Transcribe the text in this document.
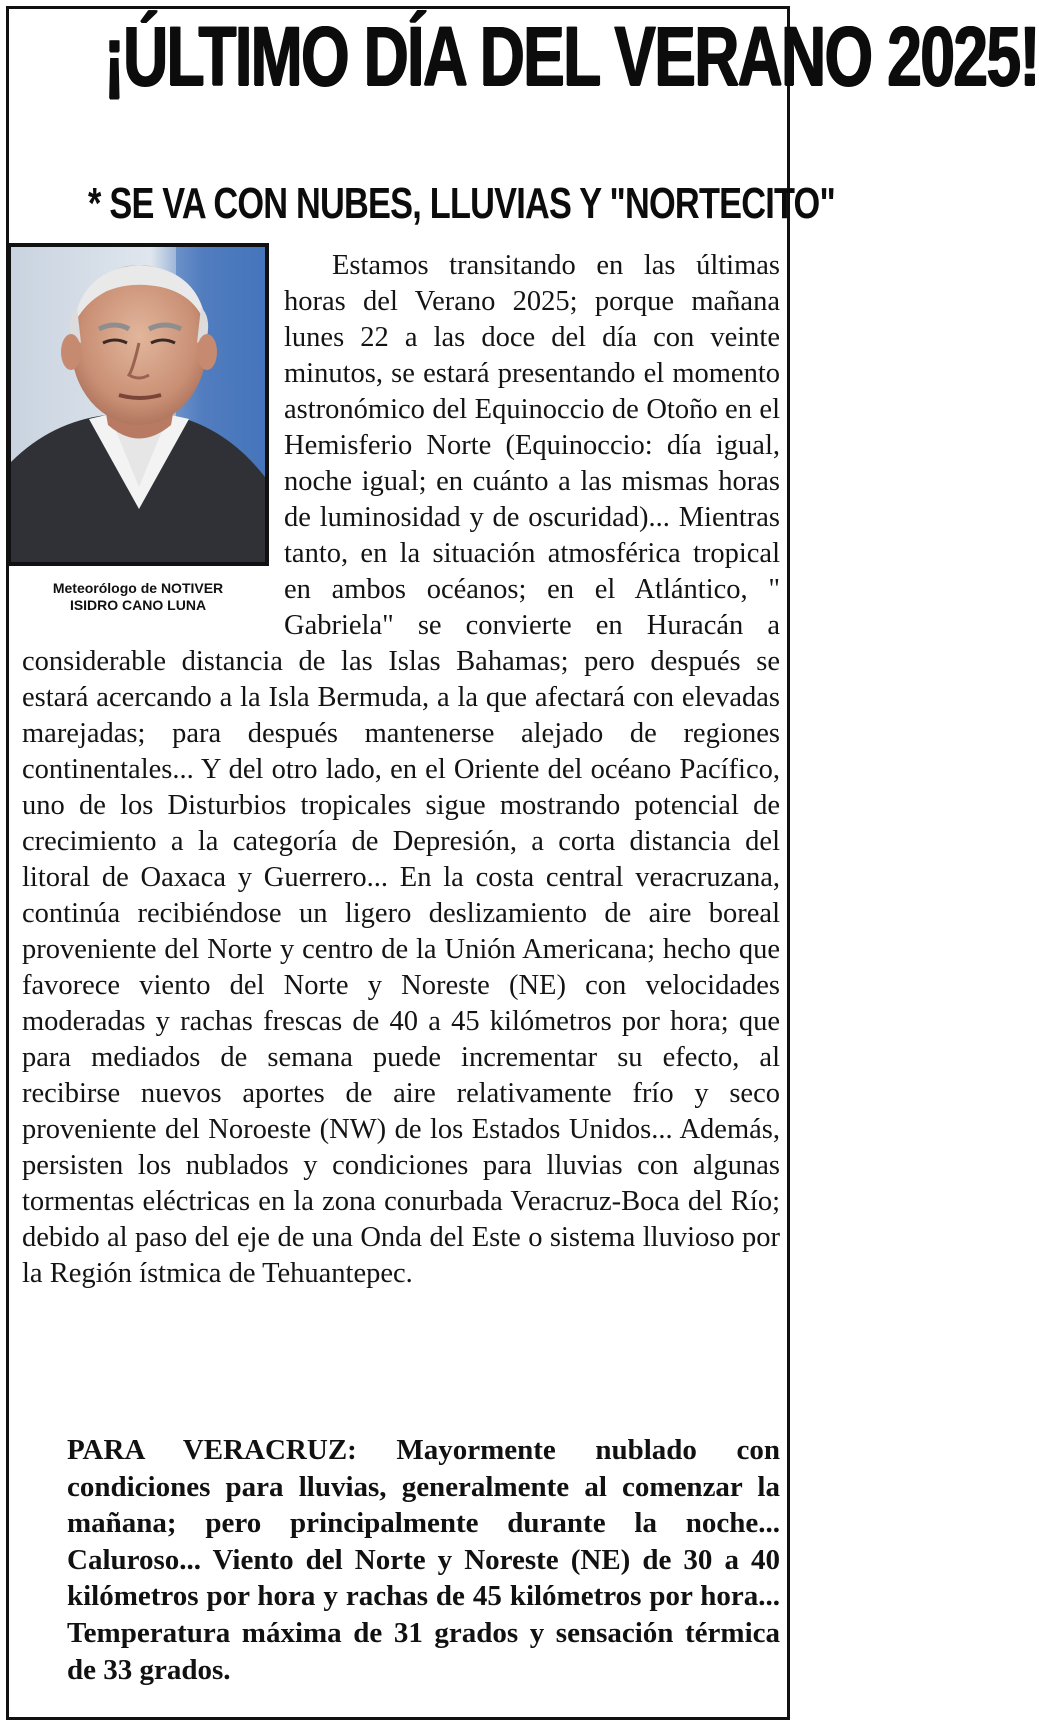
¡ÚLTIMO DÍA DEL VERANO 2025!
* SE VA CON NUBES, LLUVIAS Y "NORTECITO"
Meteorólogo de NOTIVER
ISIDRO CANO LUNA

Estamos transitando en las últimas horas del Verano 2025; porque mañana lunes 22 a las doce del día con veinte minutos, se estará presentando el momento astronómico del Equinoccio de Otoño en el Hemisferio Norte (Equinoccio: día igual, noche igual; en cuánto a las mismas horas de luminosidad y de oscuridad)... Mientras tanto, en la situación atmosférica tropical en ambos océanos; en el Atlántico, " Gabriela" se convierte en Huracán a considerable distancia de las Islas Bahamas; pero después se estará acercando a la Isla Bermuda, a la que afectará con elevadas marejadas; para después mantenerse alejado de regiones continentales... Y del otro lado, en el Oriente del océano Pacífico, uno de los Disturbios tropicales sigue mostrando potencial de crecimiento a la categoría de Depresión, a corta distancia del litoral de Oaxaca y Guerrero... En la costa central veracruzana, continúa recibiéndose un ligero deslizamiento de aire boreal proveniente del Norte y centro de la Unión Americana; hecho que favorece viento del Norte y Noreste (NE) con velocidades moderadas y rachas frescas de 40 a 45 kilómetros por hora; que para mediados de semana puede incrementar su efecto, al recibirse nuevos aportes de aire relativamente frío y seco proveniente del Noroeste (NW) de los Estados Unidos... Además, persisten los nublados y condiciones para lluvias con algunas tormentas eléctricas en la zona conurbada Veracruz-Boca del Río; debido al paso del eje de una Onda del Este o sistema lluvioso por la Región ístmica de Tehuantepec.

PARA VERACRUZ: Mayormente nublado con condiciones para lluvias, generalmente al comenzar la mañana; pero principalmente durante la noche... Caluroso... Viento del Norte y Noreste (NE) de 30 a 40 kilómetros por hora y rachas de 45 kilómetros por hora... Temperatura máxima de 31 grados y sensación térmica de 33 grados.
